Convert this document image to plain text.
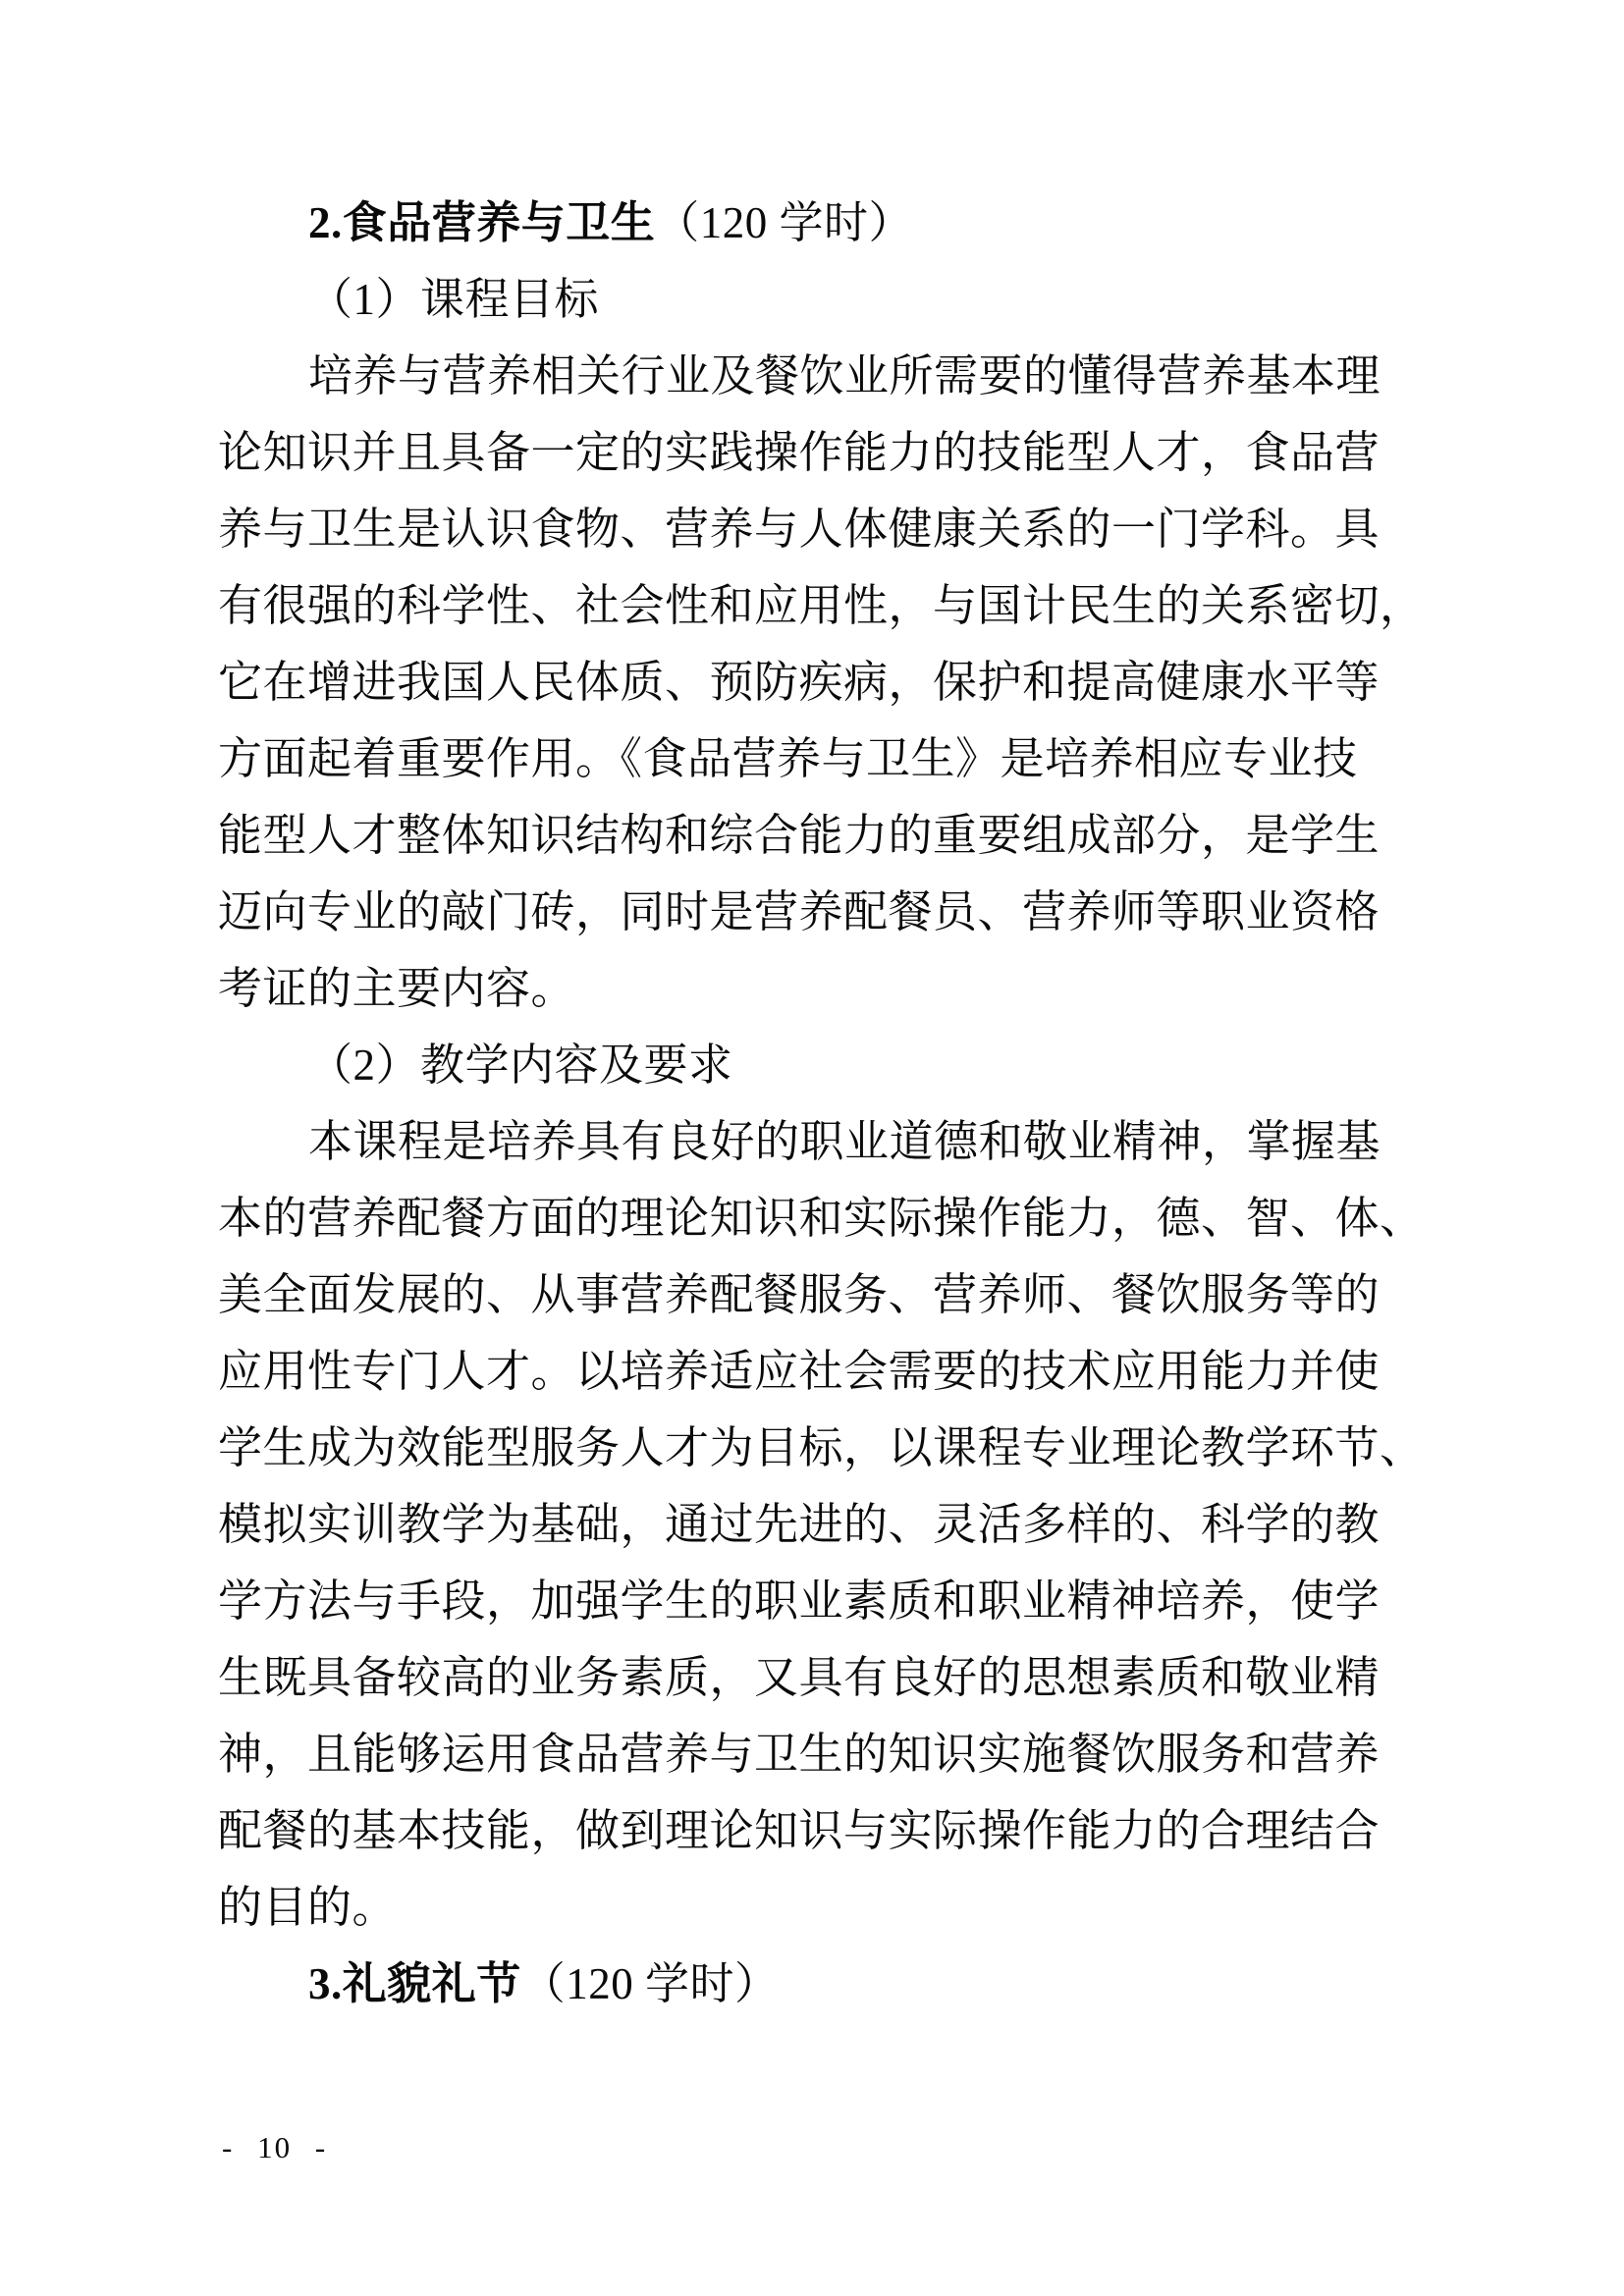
2.食品营养与卫生（120 学时）
（1）课程目标
培养与营养相关行业及餐饮业所需要的懂得营养基本理
论知识并且具备一定的实践操作能力的技能型人才，食品营
养与卫生是认识食物、营养与人体健康关系的一门学科。具
有很强的科学性、社会性和应用性，与国计民生的关系密切，
它在增进我国人民体质、预防疾病，保护和提高健康水平等
方面起着重要作用。《食品营养与卫生》是培养相应专业技
能型人才整体知识结构和综合能力的重要组成部分，是学生
迈向专业的敲门砖，同时是营养配餐员、营养师等职业资格
考证的主要内容。
（2）教学内容及要求
本课程是培养具有良好的职业道德和敬业精神，掌握基
本的营养配餐方面的理论知识和实际操作能力，德、智、体、
美全面发展的、从事营养配餐服务、营养师、餐饮服务等的
应用性专门人才。以培养适应社会需要的技术应用能力并使
学生成为效能型服务人才为目标，以课程专业理论教学环节、
模拟实训教学为基础，通过先进的、灵活多样的、科学的教
学方法与手段，加强学生的职业素质和职业精神培养，使学
生既具备较高的业务素质，又具有良好的思想素质和敬业精
神，且能够运用食品营养与卫生的知识实施餐饮服务和营养
配餐的基本技能，做到理论知识与实际操作能力的合理结合
的目的。
3.礼貌礼节（120 学时）
- 10 -
